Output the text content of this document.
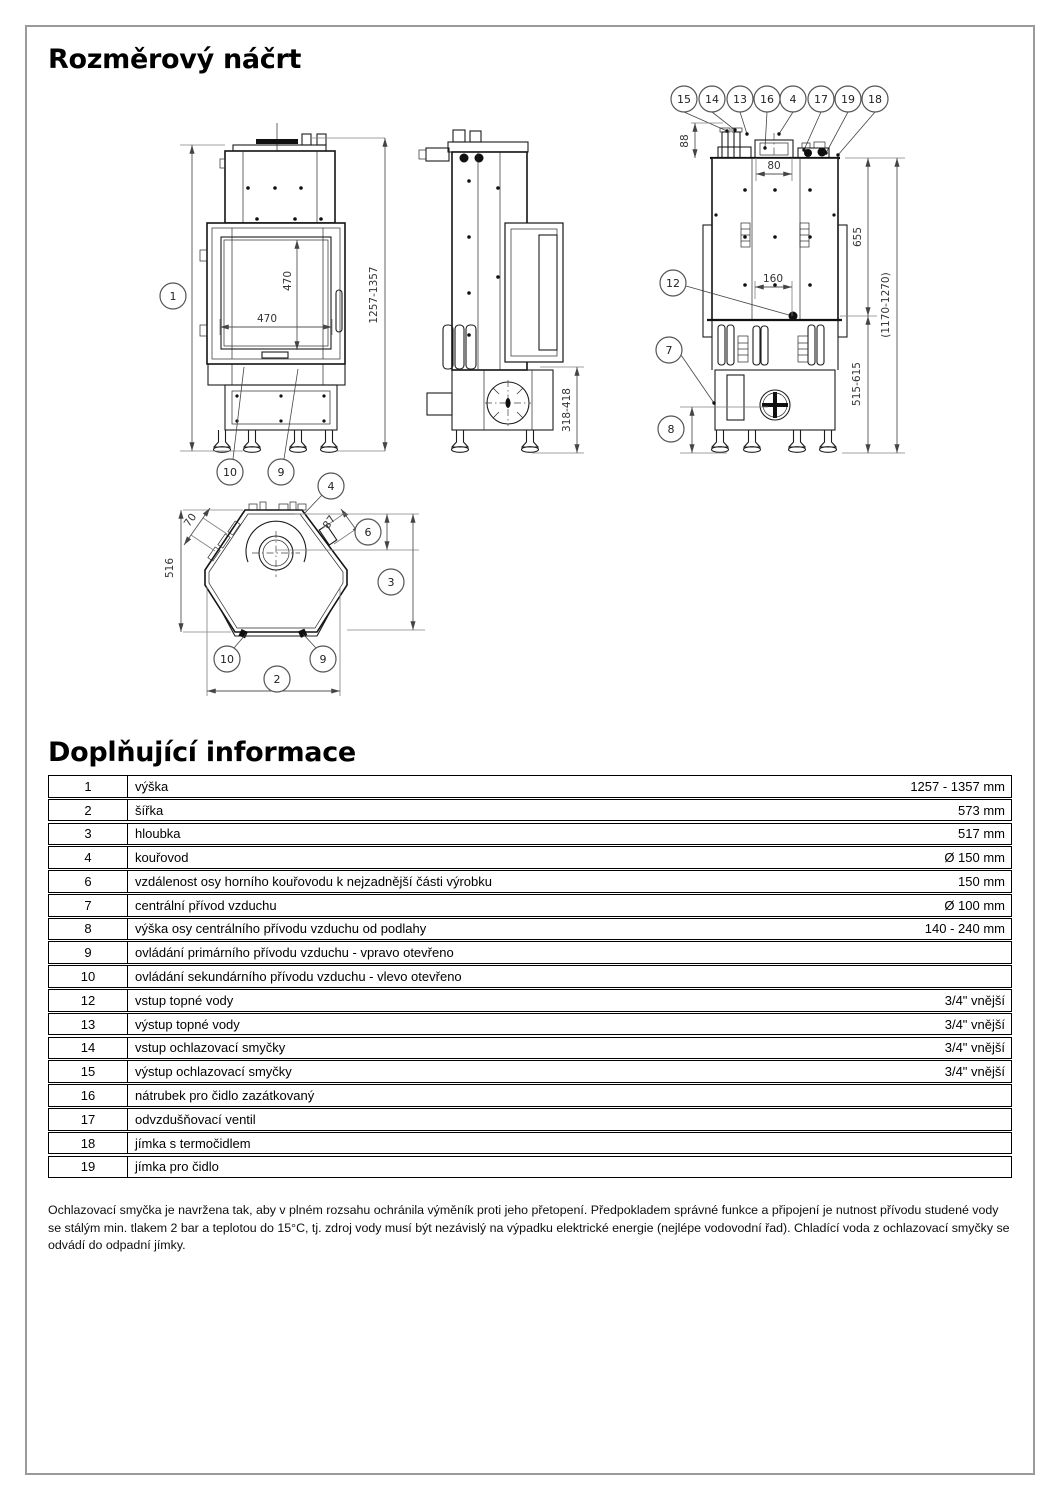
Rozměrový náčrt
1257-1357
470
470
1
10	9
318-418
15 14 13 16 4 17 19 18
88
80
160
12
7
8
655
515-615
(1170-1270)
4
516
70	87
6
3
10	9
2
Doplňující informace
1	výška	1257 - 1357 mm
2	šířka	573 mm
3	hloubka	517 mm
4	kouřovod	Ø 150 mm
6	vzdálenost osy horního kouřovodu k nejzadnější části výrobku	150 mm
7	centrální přívod vzduchu	Ø 100 mm
8	výška osy centrálního přívodu vzduchu od podlahy	140 - 240 mm
9	ovládání primárního přívodu vzduchu - vpravo otevřeno
10	ovládání sekundárního přívodu vzduchu - vlevo otevřeno
12	vstup topné vody	3/4" vnější
13	výstup topné vody	3/4" vnější
14	vstup ochlazovací smyčky	3/4" vnější
15	výstup ochlazovací smyčky	3/4" vnější
16	nátrubek pro čidlo zazátkovaný
17	odvzdušňovací ventil
18	jímka s termočidlem
19	jímka pro čidlo
Ochlazovací smyčka je navržena tak, aby v plném rozsahu ochránila výměník proti jeho přetopení. Předpokladem správné funkce a připojení je nutnost přívodu studené vody se stálým min. tlakem 2 bar a teplotou do 15°C, tj. zdroj vody musí být nezávislý na výpadku elektrické energie (nejlépe vodovodní řad). Chladící voda z ochlazovací smyčky se odvádí do odpadní jímky.
